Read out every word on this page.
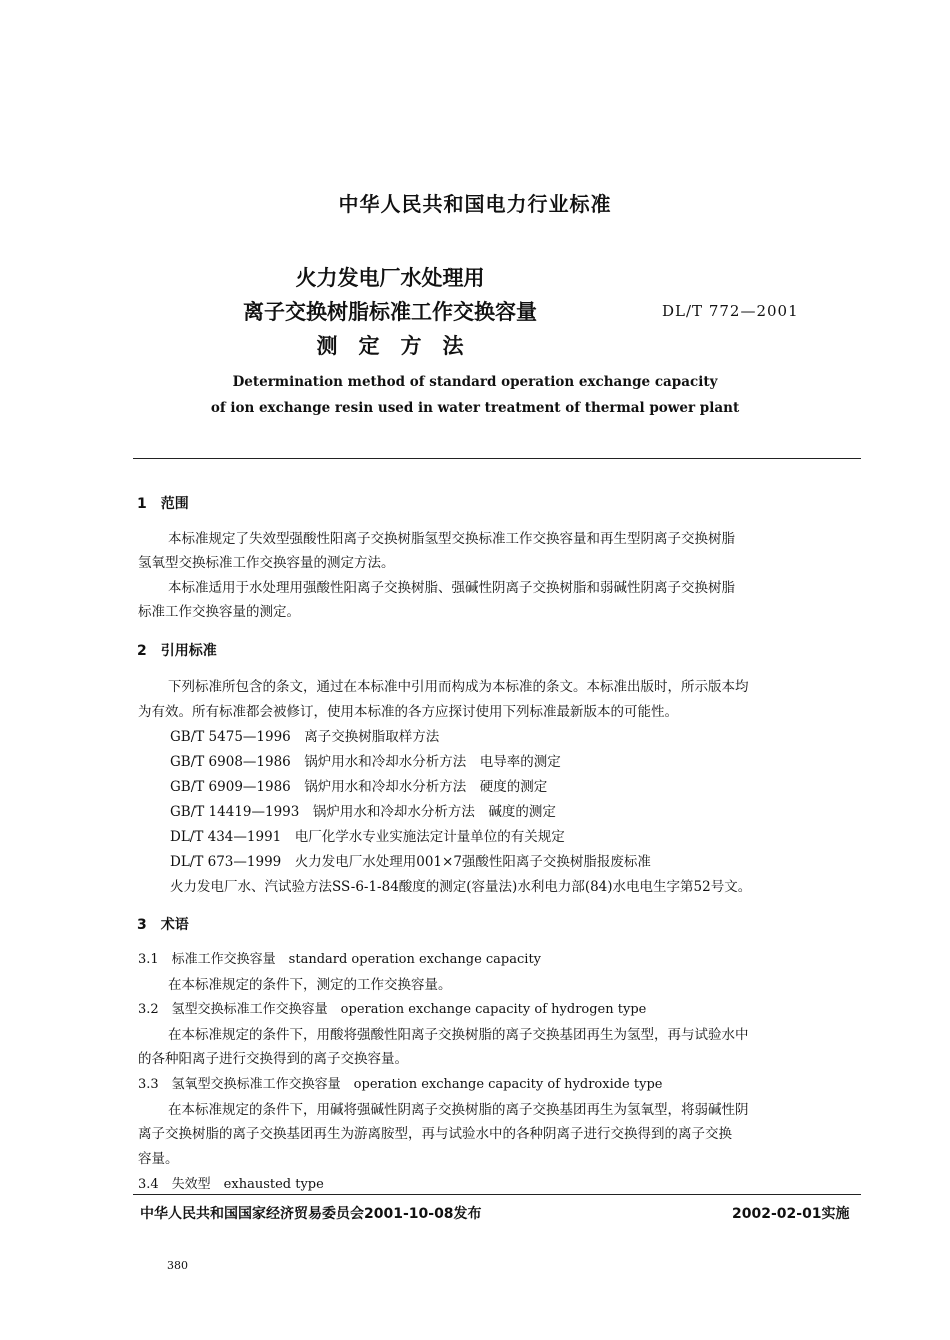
中华人民共和国电力行业标准
火力发电厂水处理用
离子交换树脂标准工作交换容量
测　定　方　法
DL/T 772—2001
Determination method of standard operation exchange capacity
of ion exchange resin used in water treatment of thermal power plant
1　范围
本标准规定了失效型强酸性阳离子交换树脂氢型交换标准工作交换容量和再生型阴离子交换树脂
氢氧型交换标准工作交换容量的测定方法。
本标准适用于水处理用强酸性阳离子交换树脂、强碱性阴离子交换树脂和弱碱性阴离子交换树脂
标准工作交换容量的测定。
2　引用标准
下列标准所包含的条文，通过在本标准中引用而构成为本标准的条文。本标准出版时，所示版本均
为有效。所有标准都会被修订，使用本标准的各方应探讨使用下列标准最新版本的可能性。
GB/T 5475—1996　离子交换树脂取样方法
GB/T 6908—1986　锅炉用水和冷却水分析方法　电导率的测定
GB/T 6909—1986　锅炉用水和冷却水分析方法　硬度的测定
GB/T 14419—1993　锅炉用水和冷却水分析方法　碱度的测定
DL/T 434—1991　电厂化学水专业实施法定计量单位的有关规定
DL/T 673—1999　火力发电厂水处理用001×7强酸性阳离子交换树脂报废标准
火力发电厂水、汽试验方法SS-6-1-84酸度的测定(容量法)水利电力部(84)水电电生字第52号文。
3　术语
3.1　标准工作交换容量　standard operation exchange capacity
在本标准规定的条件下，测定的工作交换容量。
3.2　氢型交换标准工作交换容量　operation exchange capacity of hydrogen type
在本标准规定的条件下，用酸将强酸性阳离子交换树脂的离子交换基团再生为氢型，再与试验水中
的各种阳离子进行交换得到的离子交换容量。
3.3　氢氧型交换标准工作交换容量　operation exchange capacity of hydroxide type
在本标准规定的条件下，用碱将强碱性阴离子交换树脂的离子交换基团再生为氢氧型，将弱碱性阴
离子交换树脂的离子交换基团再生为游离胺型，再与试验水中的各种阴离子进行交换得到的离子交换
容量。
3.4　失效型　exhausted type
中华人民共和国国家经济贸易委员会2001-10-08发布	2002-02-01实施
380
